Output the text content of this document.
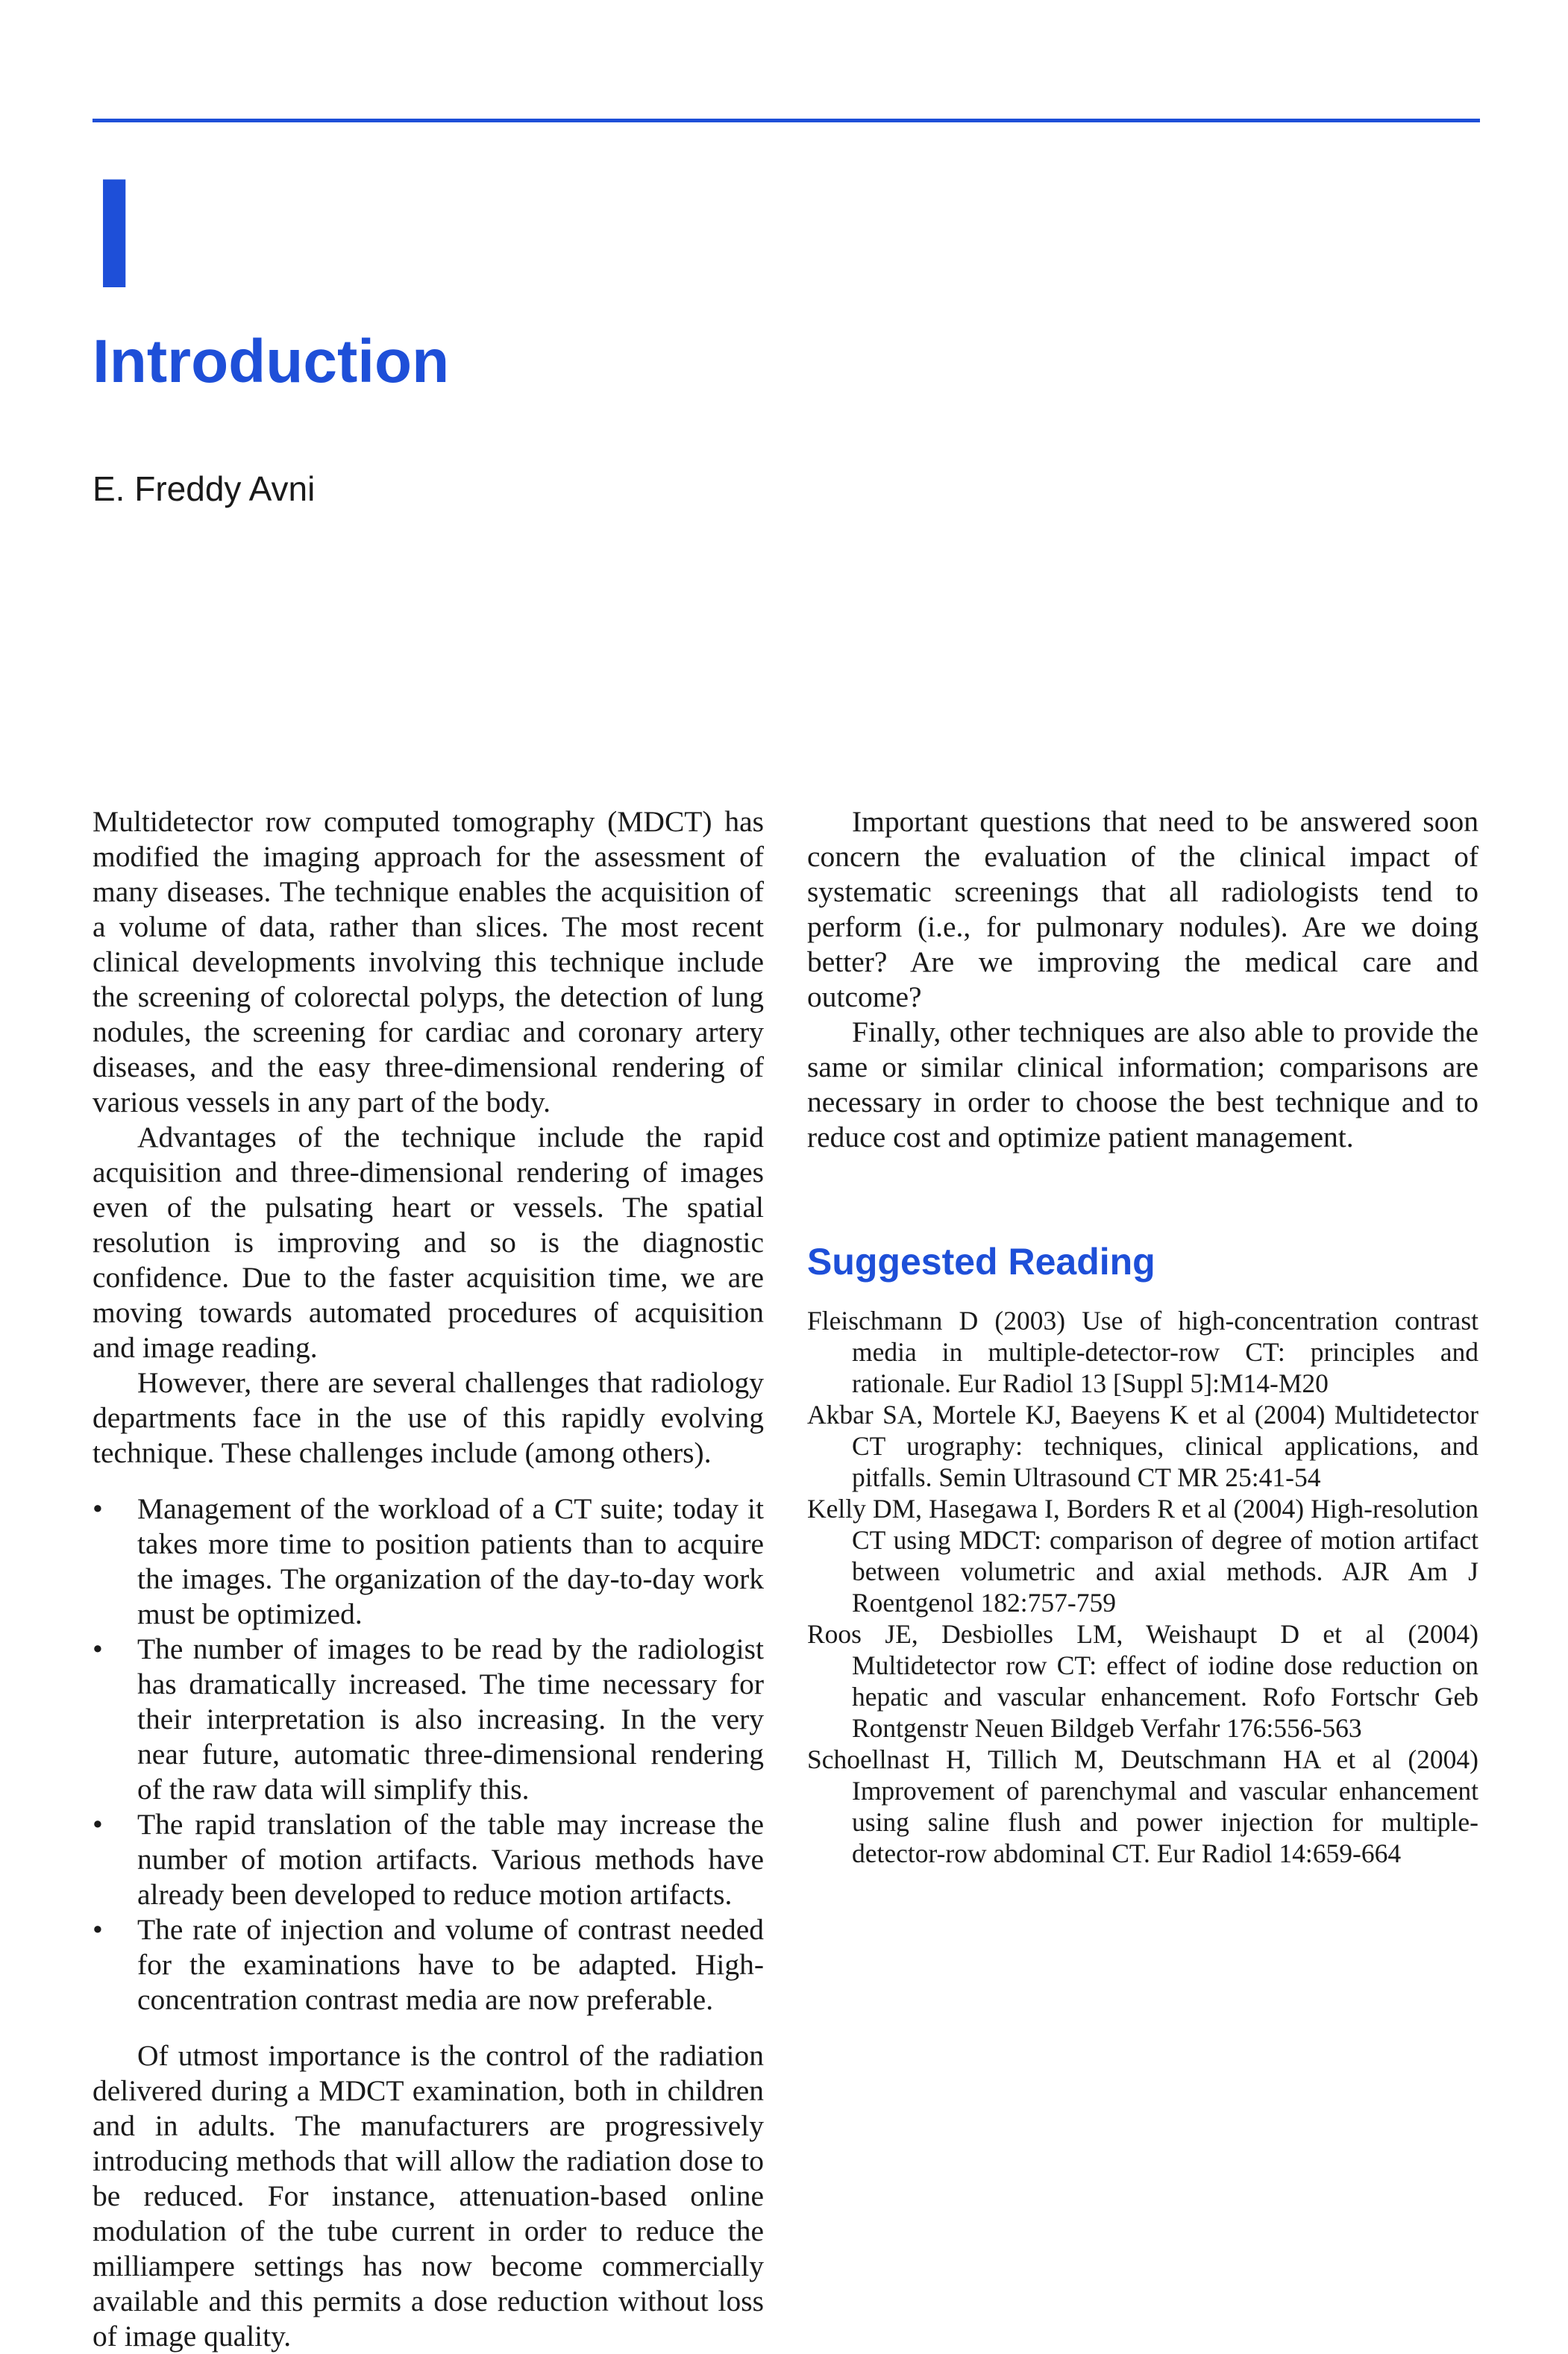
I
Introduction
E. Freddy Avni

Multidetector row computed tomography (MDCT) has modified the imaging approach for the assessment of many diseases. The technique enables the acquisition of a volume of data, rather than slices. The most recent clinical developments involving this technique include the screening of colorectal polyps, the detection of lung nodules, the screening for cardiac and coronary artery diseases, and the easy three-dimensional rendering of various vessels in any part of the body.

Advantages of the technique include the rapid acquisition and three-dimensional rendering of images even of the pulsating heart or vessels. The spatial resolution is improving and so is the diagnostic confidence. Due to the faster acquisition time, we are moving towards automated procedures of acquisition and image reading.

However, there are several challenges that radiology departments face in the use of this rapidly evolving technique. These challenges include (among others).

• Management of the workload of a CT suite; today it takes more time to position patients than to acquire the images. The organization of the day-to-day work must be optimized.
• The number of images to be read by the radiologist has dramatically increased. The time necessary for their interpretation is also increasing. In the very near future, automatic three-dimensional rendering of the raw data will simplify this.
• The rapid translation of the table may increase the number of motion artifacts. Various methods have already been developed to reduce motion artifacts.
• The rate of injection and volume of contrast needed for the examinations have to be adapted. High-concentration contrast media are now preferable.

Of utmost importance is the control of the radiation delivered during a MDCT examination, both in children and in adults. The manufacturers are progressively introducing methods that will allow the radiation dose to be reduced. For instance, attenuation-based online modulation of the tube current in order to reduce the milliampere settings has now become commercially available and this permits a dose reduction without loss of image quality.

Important questions that need to be answered soon concern the evaluation of the clinical impact of systematic screenings that all radiologists tend to perform (i.e., for pulmonary nodules). Are we doing better? Are we improving the medical care and outcome?

Finally, other techniques are also able to provide the same or similar clinical information; comparisons are necessary in order to choose the best technique and to reduce cost and optimize patient management.

Suggested Reading
Fleischmann D (2003) Use of high-concentration contrast media in multiple-detector-row CT: principles and rationale. Eur Radiol 13 [Suppl 5]:M14-M20
Akbar SA, Mortele KJ, Baeyens K et al (2004) Multidetector CT urography: techniques, clinical applications, and pitfalls. Semin Ultrasound CT MR 25:41-54
Kelly DM, Hasegawa I, Borders R et al (2004) High-resolution CT using MDCT: comparison of degree of motion artifact between volumetric and axial methods. AJR Am J Roentgenol 182:757-759
Roos JE, Desbiolles LM, Weishaupt D et al (2004) Multidetector row CT: effect of iodine dose reduction on hepatic and vascular enhancement. Rofo Fortschr Geb Rontgenstr Neuen Bildgeb Verfahr 176:556-563
Schoellnast H, Tillich M, Deutschmann HA et al (2004) Improvement of parenchymal and vascular enhancement using saline flush and power injection for multiple-detector-row abdominal CT. Eur Radiol 14:659-664
